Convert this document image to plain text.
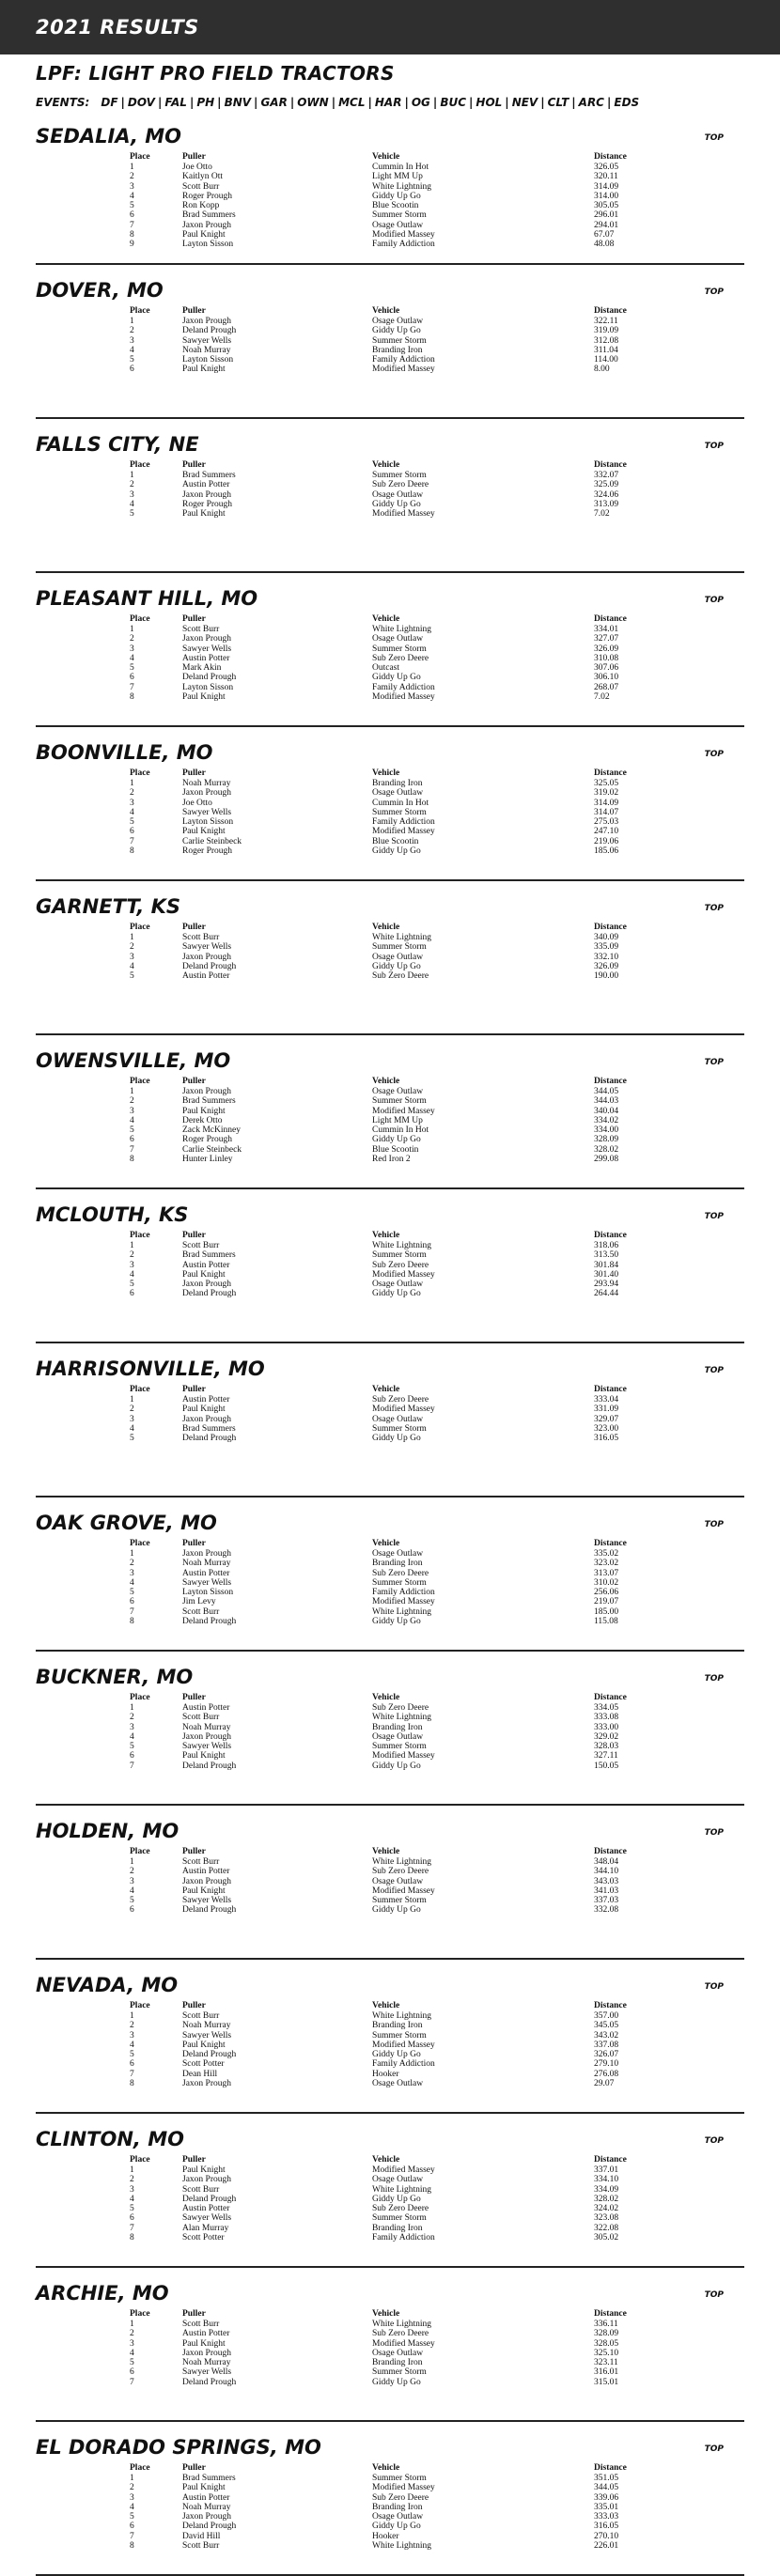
2021 RESULTS
LPF: LIGHT PRO FIELD TRACTORS
EVENTS: DF | DOV | FAL | PH | BNV | GAR | OWN | MCL | HAR | OG | BUC | HOL | NEV | CLT | ARC | EDS
SEDALIA, MO	TOP
Place	Puller	Vehicle	Distance
1	Joe Otto	Cummin In Hot	326.05
2	Kaitlyn Ott	Light MM Up	320.11
3	Scott Burr	White Lightning	314.09
4	Roger Prough	Giddy Up Go	314.00
5	Ron Kopp	Blue Scootin	305.05
6	Brad Summers	Summer Storm	296.01
7	Jaxon Prough	Osage Outlaw	294.01
8	Paul Knight	Modified Massey	67.07
9	Layton Sisson	Family Addiction	48.08
DOVER, MO	TOP
Place	Puller	Vehicle	Distance
1	Jaxon Prough	Osage Outlaw	322.11
2	Deland Prough	Giddy Up Go	319.09
3	Sawyer Wells	Summer Storm	312.08
4	Noah Murray	Branding Iron	311.04
5	Layton Sisson	Family Addiction	114.00
6	Paul Knight	Modified Massey	8.00
FALLS CITY, NE	TOP
Place	Puller	Vehicle	Distance
1	Brad Summers	Summer Storm	332.07
2	Austin Potter	Sub Zero Deere	325.09
3	Jaxon Prough	Osage Outlaw	324.06
4	Roger Prough	Giddy Up Go	313.09
5	Paul Knight	Modified Massey	7.02
PLEASANT HILL, MO	TOP
Place	Puller	Vehicle	Distance
1	Scott Burr	White Lightning	334.01
2	Jaxon Prough	Osage Outlaw	327.07
3	Sawyer Wells	Summer Storm	326.09
4	Austin Potter	Sub Zero Deere	310.08
5	Mark Akin	Outcast	307.06
6	Deland Prough	Giddy Up Go	306.10
7	Layton Sisson	Family Addiction	268.07
8	Paul Knight	Modified Massey	7.02
BOONVILLE, MO	TOP
Place	Puller	Vehicle	Distance
1	Noah Murray	Branding Iron	325.05
2	Jaxon Prough	Osage Outlaw	319.02
3	Joe Otto	Cummin In Hot	314.09
4	Sawyer Wells	Summer Storm	314.07
5	Layton Sisson	Family Addiction	275.03
6	Paul Knight	Modified Massey	247.10
7	Carlie Steinbeck	Blue Scootin	219.06
8	Roger Prough	Giddy Up Go	185.06
GARNETT, KS	TOP
Place	Puller	Vehicle	Distance
1	Scott Burr	White Lightning	340.09
2	Sawyer Wells	Summer Storm	335.09
3	Jaxon Prough	Osage Outlaw	332.10
4	Deland Prough	Giddy Up Go	326.09
5	Austin Potter	Sub Zero Deere	190.00
OWENSVILLE, MO	TOP
Place	Puller	Vehicle	Distance
1	Jaxon Prough	Osage Outlaw	344.05
2	Brad Summers	Summer Storm	344.03
3	Paul Knight	Modified Massey	340.04
4	Derek Otto	Light MM Up	334.02
5	Zack McKinney	Cummin In Hot	334.00
6	Roger Prough	Giddy Up Go	328.09
7	Carlie Steinbeck	Blue Scootin	328.02
8	Hunter Linley	Red Iron 2	299.08
MCLOUTH, KS	TOP
Place	Puller	Vehicle	Distance
1	Scott Burr	White Lightning	318.06
2	Brad Summers	Summer Storm	313.50
3	Austin Potter	Sub Zero Deere	301.84
4	Paul Knight	Modified Massey	301.40
5	Jaxon Prough	Osage Outlaw	293.94
6	Deland Prough	Giddy Up Go	264.44
HARRISONVILLE, MO	TOP
Place	Puller	Vehicle	Distance
1	Austin Potter	Sub Zero Deere	333.04
2	Paul Knight	Modified Massey	331.09
3	Jaxon Prough	Osage Outlaw	329.07
4	Brad Summers	Summer Storm	323.00
5	Deland Prough	Giddy Up Go	316.05
OAK GROVE, MO	TOP
Place	Puller	Vehicle	Distance
1	Jaxon Prough	Osage Outlaw	335.02
2	Noah Murray	Branding Iron	323.02
3	Austin Potter	Sub Zero Deere	313.07
4	Sawyer Wells	Summer Storm	310.02
5	Layton Sisson	Family Addiction	256.06
6	Jim Levy	Modified Massey	219.07
7	Scott Burr	White Lightning	185.00
8	Deland Prough	Giddy Up Go	115.08
BUCKNER, MO	TOP
Place	Puller	Vehicle	Distance
1	Austin Potter	Sub Zero Deere	334.05
2	Scott Burr	White Lightning	333.08
3	Noah Murray	Branding Iron	333.00
4	Jaxon Prough	Osage Outlaw	329.02
5	Sawyer Wells	Summer Storm	328.03
6	Paul Knight	Modified Massey	327.11
7	Deland Prough	Giddy Up Go	150.05
HOLDEN, MO	TOP
Place	Puller	Vehicle	Distance
1	Scott Burr	White Lightning	348.04
2	Austin Potter	Sub Zero Deere	344.10
3	Jaxon Prough	Osage Outlaw	343.03
4	Paul Knight	Modified Massey	341.03
5	Sawyer Wells	Summer Storm	337.03
6	Deland Prough	Giddy Up Go	332.08
NEVADA, MO	TOP
Place	Puller	Vehicle	Distance
1	Scott Burr	White Lightning	357.00
2	Noah Murray	Branding Iron	345.05
3	Sawyer Wells	Summer Storm	343.02
4	Paul Knight	Modified Massey	337.08
5	Deland Prough	Giddy Up Go	326.07
6	Scott Potter	Family Addiction	279.10
7	Dean Hill	Hooker	276.08
8	Jaxon Prough	Osage Outlaw	29.07
CLINTON, MO	TOP
Place	Puller	Vehicle	Distance
1	Paul Knight	Modified Massey	337.01
2	Jaxon Prough	Osage Outlaw	334.10
3	Scott Burr	White Lightning	334.09
4	Deland Prough	Giddy Up Go	328.02
5	Austin Potter	Sub Zero Deere	324.02
6	Sawyer Wells	Summer Storm	323.08
7	Alan Murray	Branding Iron	322.08
8	Scott Potter	Family Addiction	305.02
ARCHIE, MO	TOP
Place	Puller	Vehicle	Distance
1	Scott Burr	White Lightning	336.11
2	Austin Potter	Sub Zero Deere	328.09
3	Paul Knight	Modified Massey	328.05
4	Jaxon Prough	Osage Outlaw	325.10
5	Noah Murray	Branding Iron	323.11
6	Sawyer Wells	Summer Storm	316.01
7	Deland Prough	Giddy Up Go	315.01
EL DORADO SPRINGS, MO	TOP
Place	Puller	Vehicle	Distance
1	Brad Summers	Summer Storm	351.05
2	Paul Knight	Modified Massey	344.05
3	Austin Potter	Sub Zero Deere	339.06
4	Noah Murray	Branding Iron	335.01
5	Jaxon Prough	Osage Outlaw	333.03
6	Deland Prough	Giddy Up Go	316.05
7	David Hill	Hooker	270.10
8	Scott Burr	White Lightning	226.01
